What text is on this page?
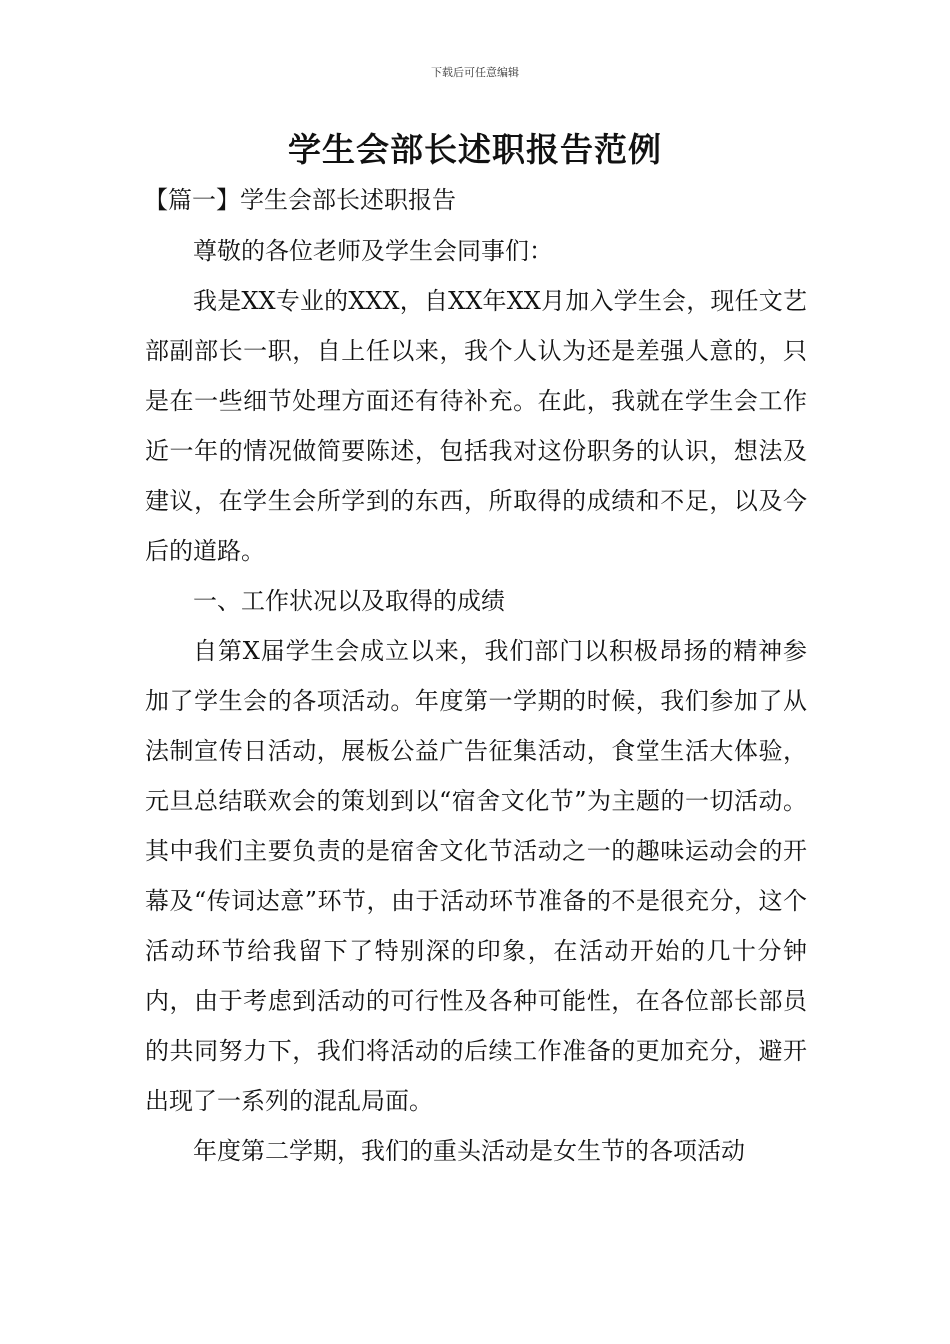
下载后可任意编辑
学生会部长述职报告范例
【篇一】学生会部长述职报告

尊敬的各位老师及学生会同事们：

我是XX专业的XXX，自XX年XX月加入学生会，现任文艺部副部长一职，自上任以来，我个人认为还是差强人意的，只是在一些细节处理方面还有待补充。在此，我就在学生会工作近一年的情况做简要陈述，包括我对这份职务的认识，想法及建议，在学生会所学到的东西，所取得的成绩和不足，以及今后的道路。

一、工作状况以及取得的成绩

自第X届学生会成立以来，我们部门以积极昂扬的精神参加了学生会的各项活动。年度第一学期的时候，我们参加了从法制宣传日活动，展板公益广告征集活动，食堂生活大体验，元旦总结联欢会的策划到以“宿舍文化节”为主题的一切活动。其中我们主要负责的是宿舍文化节活动之一的趣味运动会的开幕及“传词达意”环节，由于活动环节准备的不是很充分，这个活动环节给我留下了特别深的印象，在活动开始的几十分钟内，由于考虑到活动的可行性及各种可能性，在各位部长部员的共同努力下，我们将活动的后续工作准备的更加充分，避开出现了一系列的混乱局面。

年度第二学期，我们的重头活动是女生节的各项活动
